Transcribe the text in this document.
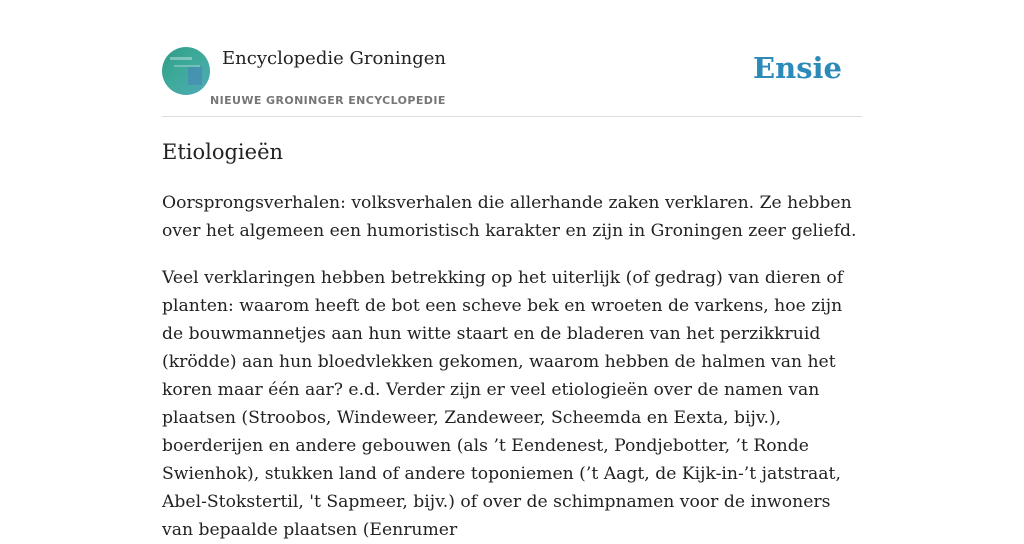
Encyclopedie Groningen
NIEUWE GRONINGER ENCYCLOPEDIE
Ensie
Etiologieën

Oorsprongsverhalen: volksverhalen die allerhande zaken verklaren. Ze hebben over het algemeen een humoristisch karakter en zijn in Groningen zeer geliefd.

Veel verklaringen hebben betrekking op het uiterlijk (of gedrag) van dieren of planten: waarom heeft de bot een scheve bek en wroeten de varkens, hoe zijn de bouwmannetjes aan hun witte staart en de bladeren van het perzikkruid (krödde) aan hun bloedvlekken gekomen, waarom hebben de halmen van het koren maar één aar? e.d. Verder zijn er veel etiologieën over de namen van plaatsen (Stroobos, Windeweer, Zandeweer, Scheemda en Eexta, bijv.), boerderijen en andere gebouwen (als ’t Eendenest, Pondjebotter, ’t Ronde Swienhok), stukken land of andere toponiemen (’t Aagt, de Kijk-in-’t jatstraat, Abel-Stokstertil, 't Sapmeer, bijv.) of over de schimpnamen voor de inwoners van bepaalde plaatsen (Eenrumer
